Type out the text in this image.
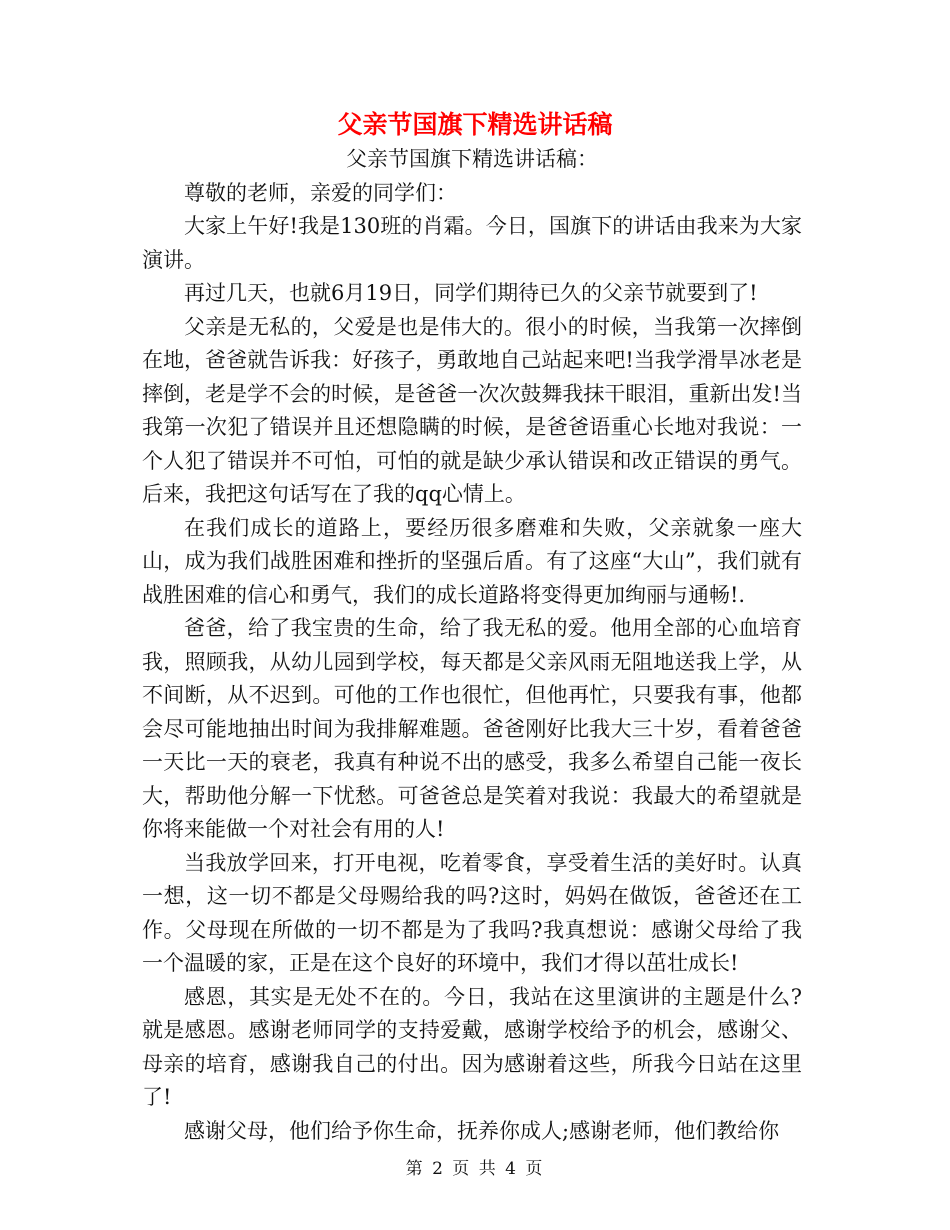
父亲节国旗下精选讲话稿

父亲节国旗下精选讲话稿：

尊敬的老师，亲爱的同学们：

大家上午好!我是130班的肖霜。今日，国旗下的讲话由我来为大家演讲。

再过几天，也就6月19日，同学们期待已久的父亲节就要到了!

父亲是无私的，父爱是也是伟大的。很小的时候，当我第一次摔倒在地，爸爸就告诉我：好孩子，勇敢地自己站起来吧!当我学滑旱冰老是摔倒，老是学不会的时候，是爸爸一次次鼓舞我抹干眼泪，重新出发!当我第一次犯了错误并且还想隐瞒的时候，是爸爸语重心长地对我说：一个人犯了错误并不可怕，可怕的就是缺少承认错误和改正错误的勇气。后来，我把这句话写在了我的qq心情上。

在我们成长的道路上，要经历很多磨难和失败，父亲就象一座大山，成为我们战胜困难和挫折的坚强后盾。有了这座“大山”，我们就有战胜困难的信心和勇气，我们的成长道路将变得更加绚丽与通畅!.

爸爸，给了我宝贵的生命，给了我无私的爱。他用全部的心血培育我，照顾我，从幼儿园到学校，每天都是父亲风雨无阻地送我上学，从不间断，从不迟到。可他的工作也很忙，但他再忙，只要我有事，他都会尽可能地抽出时间为我排解难题。爸爸刚好比我大三十岁，看着爸爸一天比一天的衰老，我真有种说不出的感受，我多么希望自己能一夜长大，帮助他分解一下忧愁。可爸爸总是笑着对我说：我最大的希望就是你将来能做一个对社会有用的人!

当我放学回来，打开电视，吃着零食，享受着生活的美好时。认真一想，这一切不都是父母赐给我的吗?这时，妈妈在做饭，爸爸还在工作。父母现在所做的一切不都是为了我吗?我真想说：感谢父母给了我一个温暖的家，正是在这个良好的环境中，我们才得以茁壮成长!

感恩，其实是无处不在的。今日，我站在这里演讲的主题是什么?就是感恩。感谢老师同学的支持爱戴，感谢学校给予的机会，感谢父、母亲的培育，感谢我自己的付出。因为感谢着这些，所我今日站在这里了!

感谢父母，他们给予你生命，抚养你成人;感谢老师，他们教给你

第 2 页 共 4 页
